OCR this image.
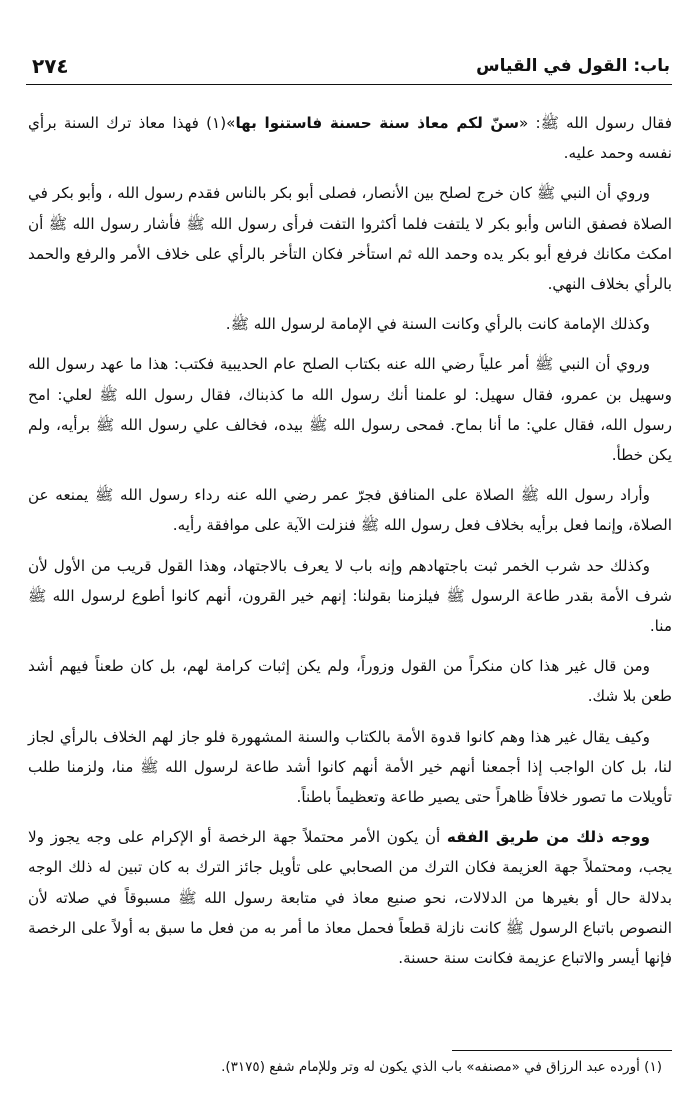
باب: القول في القياس
٢٧٤

فقال رسول الله ﷺ: «سنّ لكم معاذ سنة حسنة فاستنوا بها»(١) فهذا معاذ ترك السنة برأي نفسه وحمد عليه.

وروي أن النبي ﷺ كان خرج لصلح بين الأنصار، فصلى أبو بكر بالناس فقدم رسول الله ، وأبو بكر في الصلاة فصفق الناس وأبو بكر لا يلتفت فلما أكثروا التفت فرأى رسول الله ﷺ فأشار رسول الله ﷺ أن امكث مكانك فرفع أبو بكر يده وحمد الله ثم استأخر فكان التأخر بالرأي على خلاف الأمر والرفع والحمد بالرأي بخلاف النهي.

وكذلك الإمامة كانت بالرأي وكانت السنة في الإمامة لرسول الله ﷺ.

وروي أن النبي ﷺ أمر علياً رضي الله عنه بكتاب الصلح عام الحديبية فكتب: هذا ما عهد رسول الله وسهيل بن عمرو، فقال سهيل: لو علمنا أنك رسول الله ما كذبناك، فقال رسول الله ﷺ لعلي: امح رسول الله، فقال علي: ما أنا بماح. فمحى رسول الله ﷺ بيده، فخالف علي رسول الله ﷺ برأيه، ولم يكن خطأ.

وأراد رسول الله ﷺ الصلاة على المنافق فجرّ عمر رضي الله عنه رداء رسول الله ﷺ يمنعه عن الصلاة، وإنما فعل برأيه بخلاف فعل رسول الله ﷺ فنزلت الآية على موافقة رأيه.

وكذلك حد شرب الخمر ثبت باجتهادهم وإنه باب لا يعرف بالاجتهاد، وهذا القول قريب من الأول لأن شرف الأمة بقدر طاعة الرسول ﷺ فيلزمنا بقولنا: إنهم خير القرون، أنهم كانوا أطوع لرسول الله ﷺ منا.

ومن قال غير هذا كان منكراً من القول وزوراً، ولم يكن إثبات كرامة لهم، بل كان طعناً فيهم أشد طعن بلا شك.

وكيف يقال غير هذا وهم كانوا قدوة الأمة بالكتاب والسنة المشهورة فلو جاز لهم الخلاف بالرأي لجاز لنا، بل كان الواجب إذا أجمعنا أنهم خير الأمة أنهم كانوا أشد طاعة لرسول الله ﷺ منا، ولزمنا طلب تأويلات ما تصور خلافاً ظاهراً حتى يصير طاعة وتعظيماً باطناً.

ووجه ذلك من طريق الفقه أن يكون الأمر محتملاً جهة الرخصة أو الإكرام على وجه يجوز ولا يجب، ومحتملاً جهة العزيمة فكان الترك من الصحابي على تأويل جائز الترك به كان تبين له ذلك الوجه بدلالة حال أو بغيرها من الدلالات، نحو صنيع معاذ في متابعة رسول الله ﷺ مسبوقاً في صلاته لأن النصوص باتباع الرسول ﷺ كانت نازلة قطعاً فحمل معاذ ما أمر به من فعل ما سبق به أولاً على الرخصة فإنها أيسر والاتباع عزيمة فكانت سنة حسنة.

(١) أورده عبد الرزاق في «مصنفه» باب الذي يكون له وتر وللإمام شفع (٣١٧٥).
